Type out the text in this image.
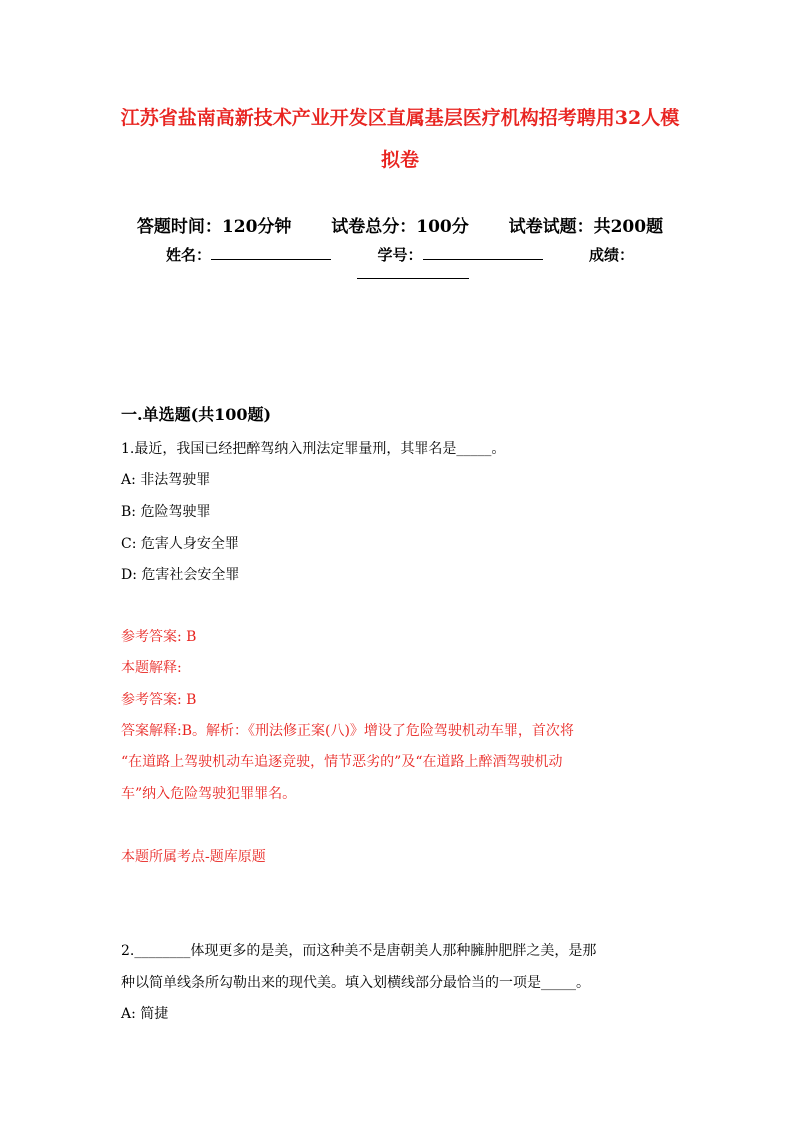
江苏省盐南高新技术产业开发区直属基层医疗机构招考聘用32人模
拟卷
答题时间：120分钟 试卷总分：100分 试卷试题：共200题
姓名：	学号：	成绩：
一.单选题(共100题)
1.最近，我国已经把醉驾纳入刑法定罪量刑，其罪名是_____。
A: 非法驾驶罪
B: 危险驾驶罪
C: 危害人身安全罪
D: 危害社会安全罪
参考答案: B
本题解释:
参考答案: B
答案解释:B。解析：《刑法修正案(八)》增设了危险驾驶机动车罪，首次将
“在道路上驾驶机动车追逐竞驶，情节恶劣的”及“在道路上醉酒驾驶机动
车”纳入危险驾驶犯罪罪名。
本题所属考点-题库原题
2.________体现更多的是美，而这种美不是唐朝美人那种臃肿肥胖之美，是那
种以简单线条所勾勒出来的现代美。填入划横线部分最恰当的一项是_____。
A: 简捷
